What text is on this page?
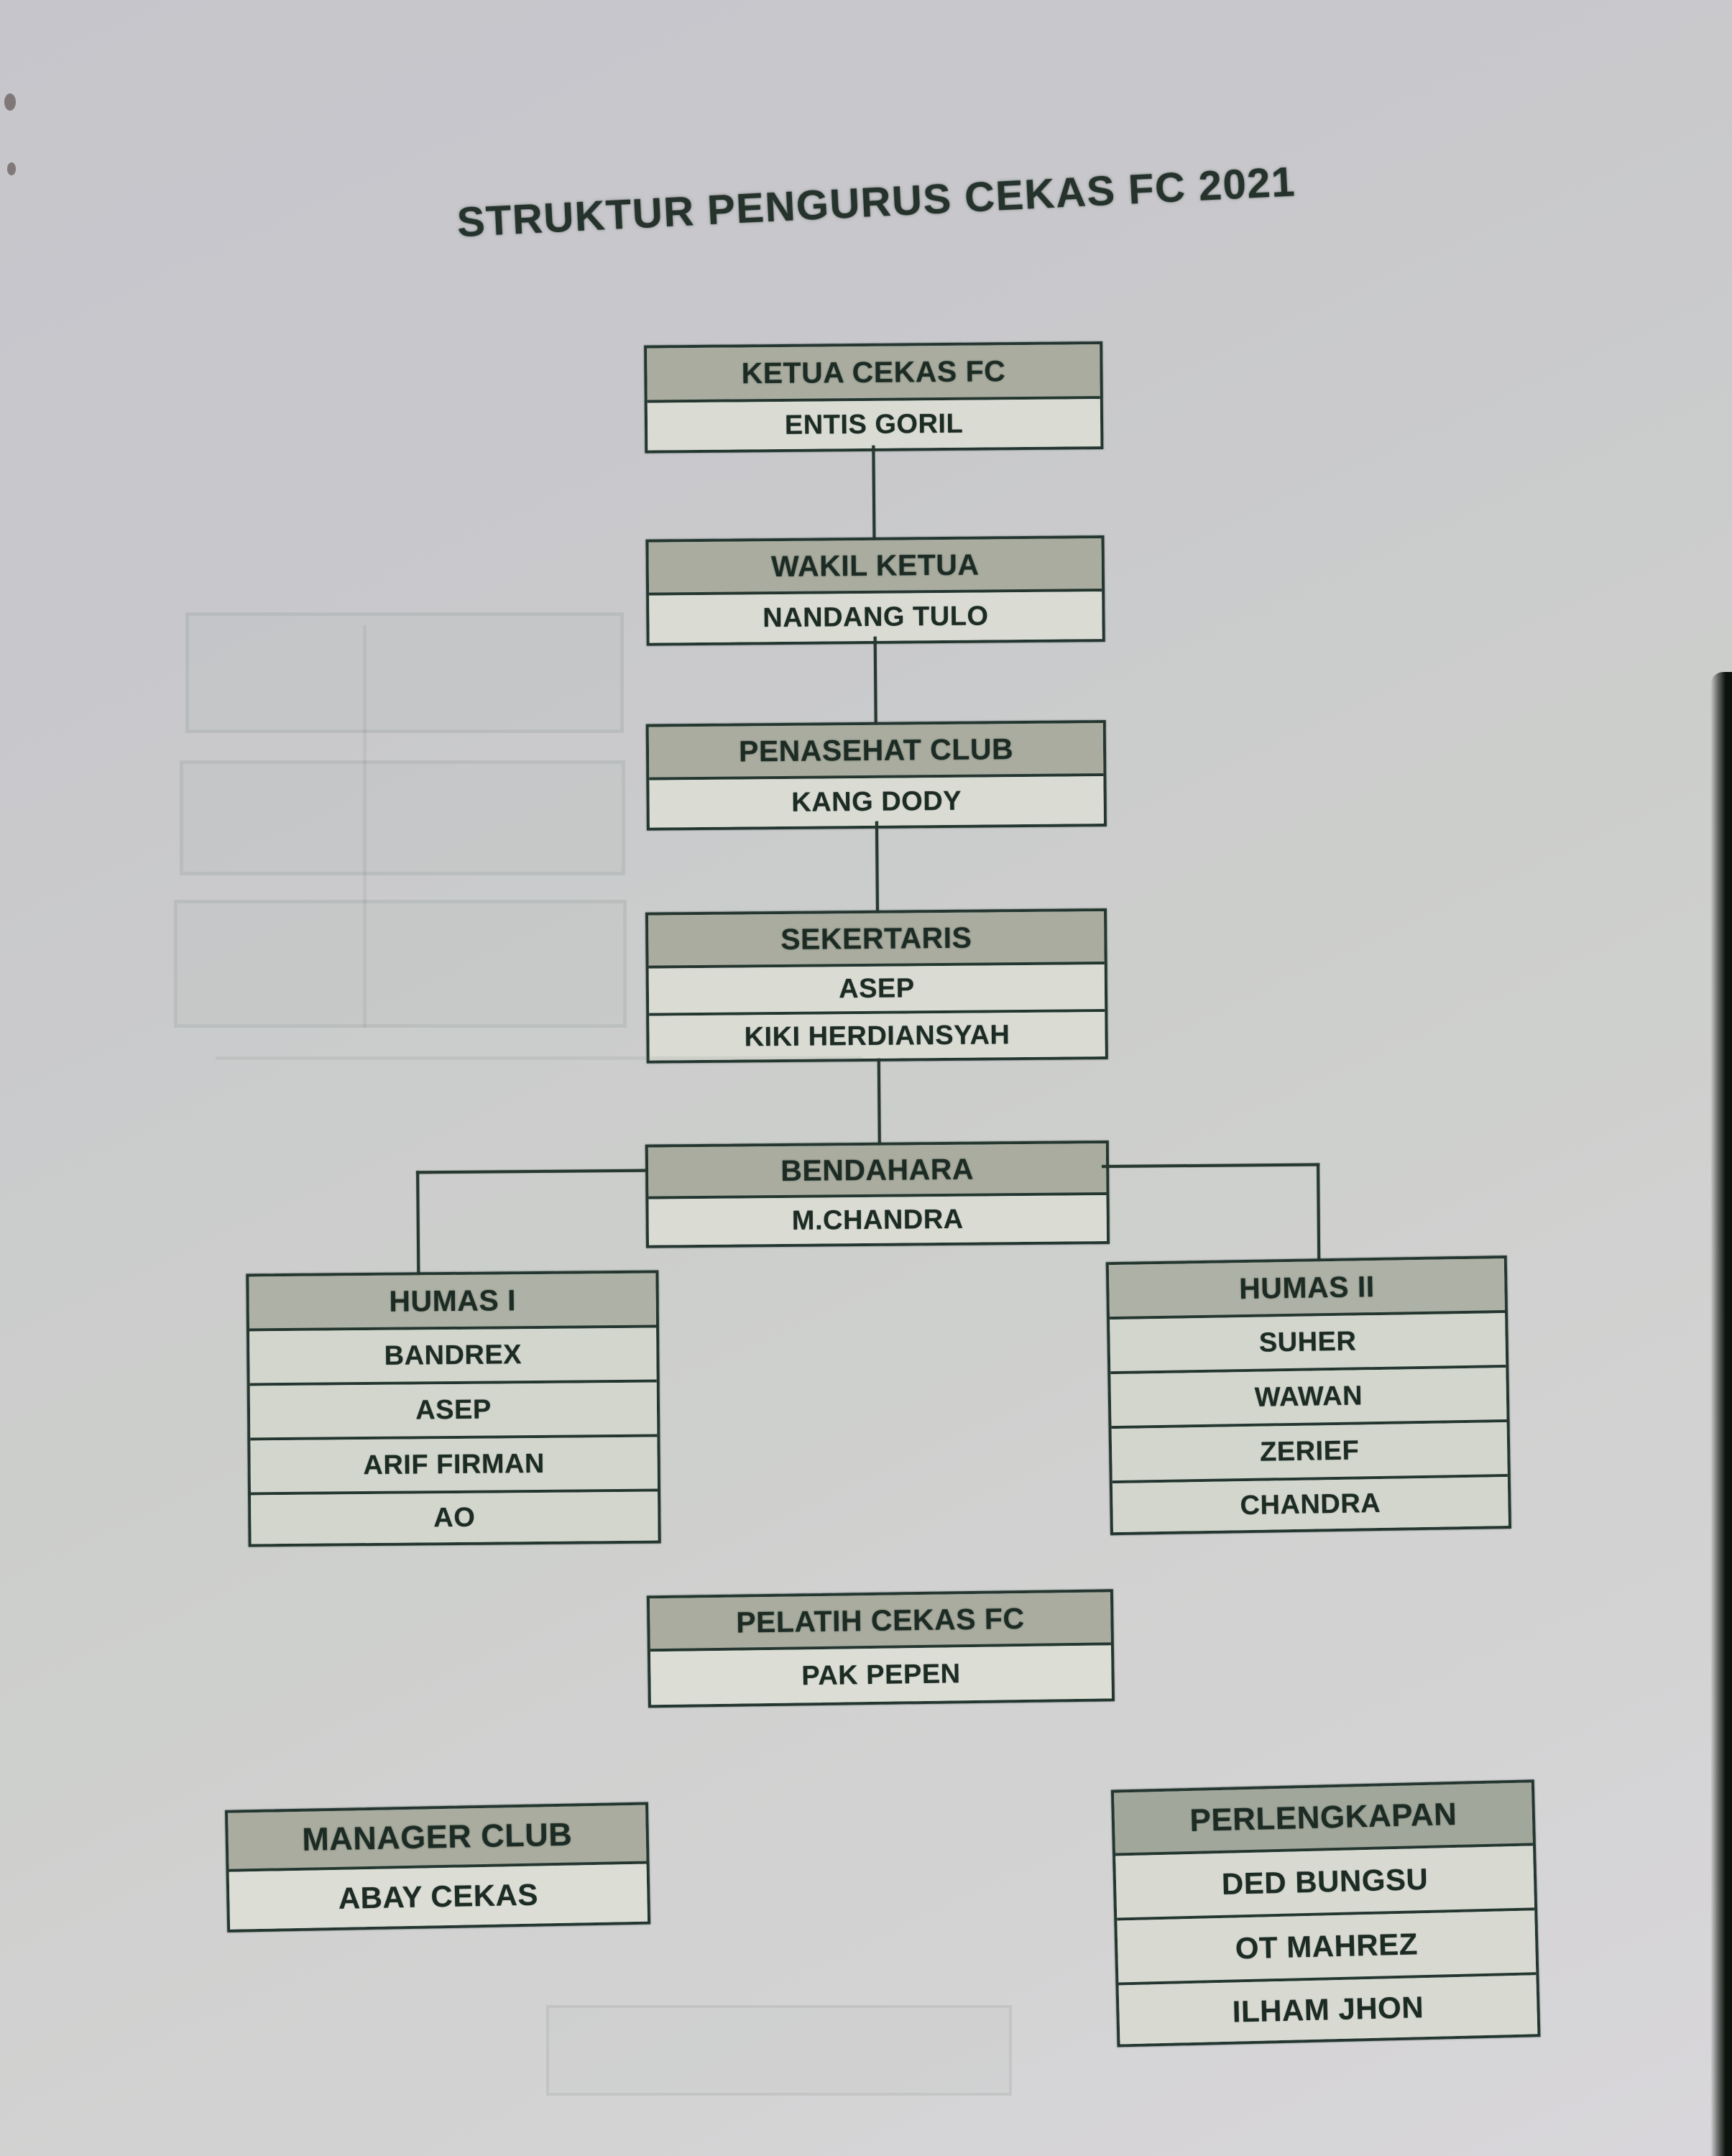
STRUKTUR PENGURUS CEKAS FC 2021
KETUA CEKAS FC
ENTIS GORIL
WAKIL KETUA
NANDANG TULO
PENASEHAT CLUB
KANG DODY
SEKERTARIS
ASEP
KIKI HERDIANSYAH
BENDAHARA
M.CHANDRA
HUMAS I
BANDREX
ASEP
ARIF FIRMAN
AO
HUMAS II
SUHER
WAWAN
ZERIEF
CHANDRA
PELATIH CEKAS FC
PAK PEPEN
MANAGER CLUB
ABAY CEKAS
PERLENGKAPAN
DED BUNGSU
OT MAHREZ
ILHAM JHON
